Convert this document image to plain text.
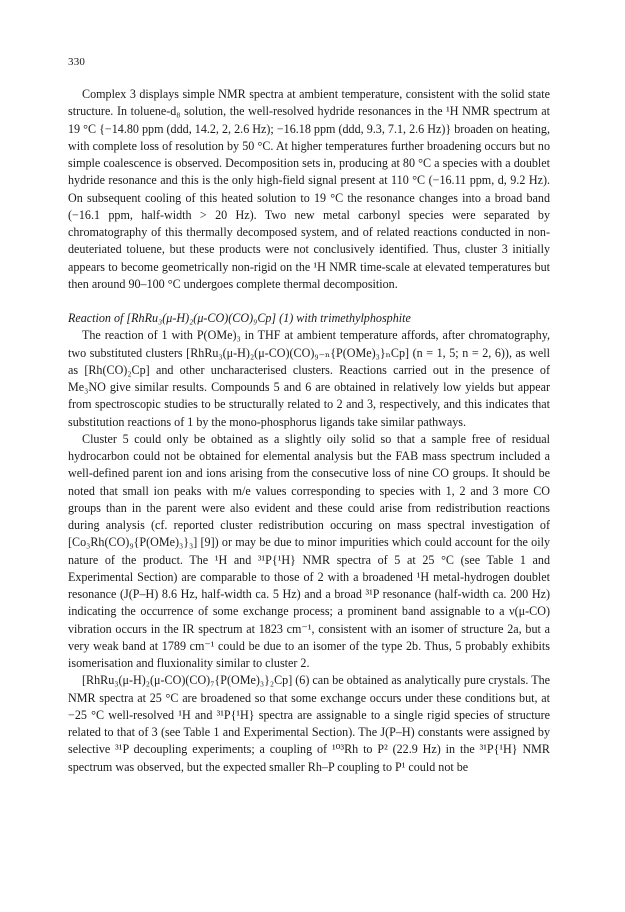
330

Complex 3 displays simple NMR spectra at ambient temperature, consistent with the solid state structure. In toluene-d₈ solution, the well-resolved hydride resonances in the ¹H NMR spectrum at 19 °C {−14.80 ppm (ddd, 14.2, 2, 2.6 Hz); −16.18 ppm (ddd, 9.3, 7.1, 2.6 Hz)} broaden on heating, with complete loss of resolution by 50 °C. At higher temperatures further broadening occurs but no simple coalescence is observed. Decomposition sets in, producing at 80 °C a species with a doublet hydride resonance and this is the only high-field signal present at 110 °C (−16.11 ppm, d, 9.2 Hz). On subsequent cooling of this heated solution to 19 °C the resonance changes into a broad band (−16.1 ppm, half-width > 20 Hz). Two new metal carbonyl species were separated by chromatography of this thermally decomposed system, and of related reactions conducted in non-deuteriated toluene, but these products were not conclusively identified. Thus, cluster 3 initially appears to become geometrically non-rigid on the ¹H NMR time-scale at elevated temperatures but then around 90–100 °C undergoes complete thermal decomposition.

Reaction of [RhRu₃(μ-H)₂(μ-CO)(CO)₉Cp] (1) with trimethylphosphite

The reaction of 1 with P(OMe)₃ in THF at ambient temperature affords, after chromatography, two substituted clusters [RhRu₃(μ-H)₂(μ-CO)(CO)₉₋ₙ{P(OMe)₃}ₙCp] (n = 1, 5; n = 2, 6)), as well as [Rh(CO)₂Cp] and other uncharacterised clusters. Reactions carried out in the presence of Me₃NO give similar results. Compounds 5 and 6 are obtained in relatively low yields but appear from spectroscopic studies to be structurally related to 2 and 3, respectively, and this indicates that substitution reactions of 1 by the mono-phosphorus ligands take similar pathways.

Cluster 5 could only be obtained as a slightly oily solid so that a sample free of residual hydrocarbon could not be obtained for elemental analysis but the FAB mass spectrum included a well-defined parent ion and ions arising from the consecutive loss of nine CO groups. It should be noted that small ion peaks with m/e values corresponding to species with 1, 2 and 3 more CO groups than in the parent were also evident and these could arise from redistribution reactions during analysis (cf. reported cluster redistribution occuring on mass spectral investigation of [Co₃Rh(CO)₉{P(OMe)₃}₃] [9]) or may be due to minor impurities which could account for the oily nature of the product. The ¹H and ³¹P{¹H} NMR spectra of 5 at 25 °C (see Table 1 and Experimental Section) are comparable to those of 2 with a broadened ¹H metal-hydrogen doublet resonance (J(P–H) 8.6 Hz, half-width ca. 5 Hz) and a broad ³¹P resonance (half-width ca. 200 Hz) indicating the occurrence of some exchange process; a prominent band assignable to a ν(μ-CO) vibration occurs in the IR spectrum at 1823 cm⁻¹, consistent with an isomer of structure 2a, but a very weak band at 1789 cm⁻¹ could be due to an isomer of the type 2b. Thus, 5 probably exhibits isomerisation and fluxionality similar to cluster 2.

[RhRu₃(μ-H)₂(μ-CO)(CO)₇{P(OMe)₃}₂Cp] (6) can be obtained as analytically pure crystals. The NMR spectra at 25 °C are broadened so that some exchange occurs under these conditions but, at −25 °C well-resolved ¹H and ³¹P{¹H} spectra are assignable to a single rigid species of structure related to that of 3 (see Table 1 and Experimental Section). The J(P–H) constants were assigned by selective ³¹P decoupling experiments; a coupling of ¹⁰³Rh to P² (22.9 Hz) in the ³¹P{¹H} NMR spectrum was observed, but the expected smaller Rh–P coupling to P¹ could not be
